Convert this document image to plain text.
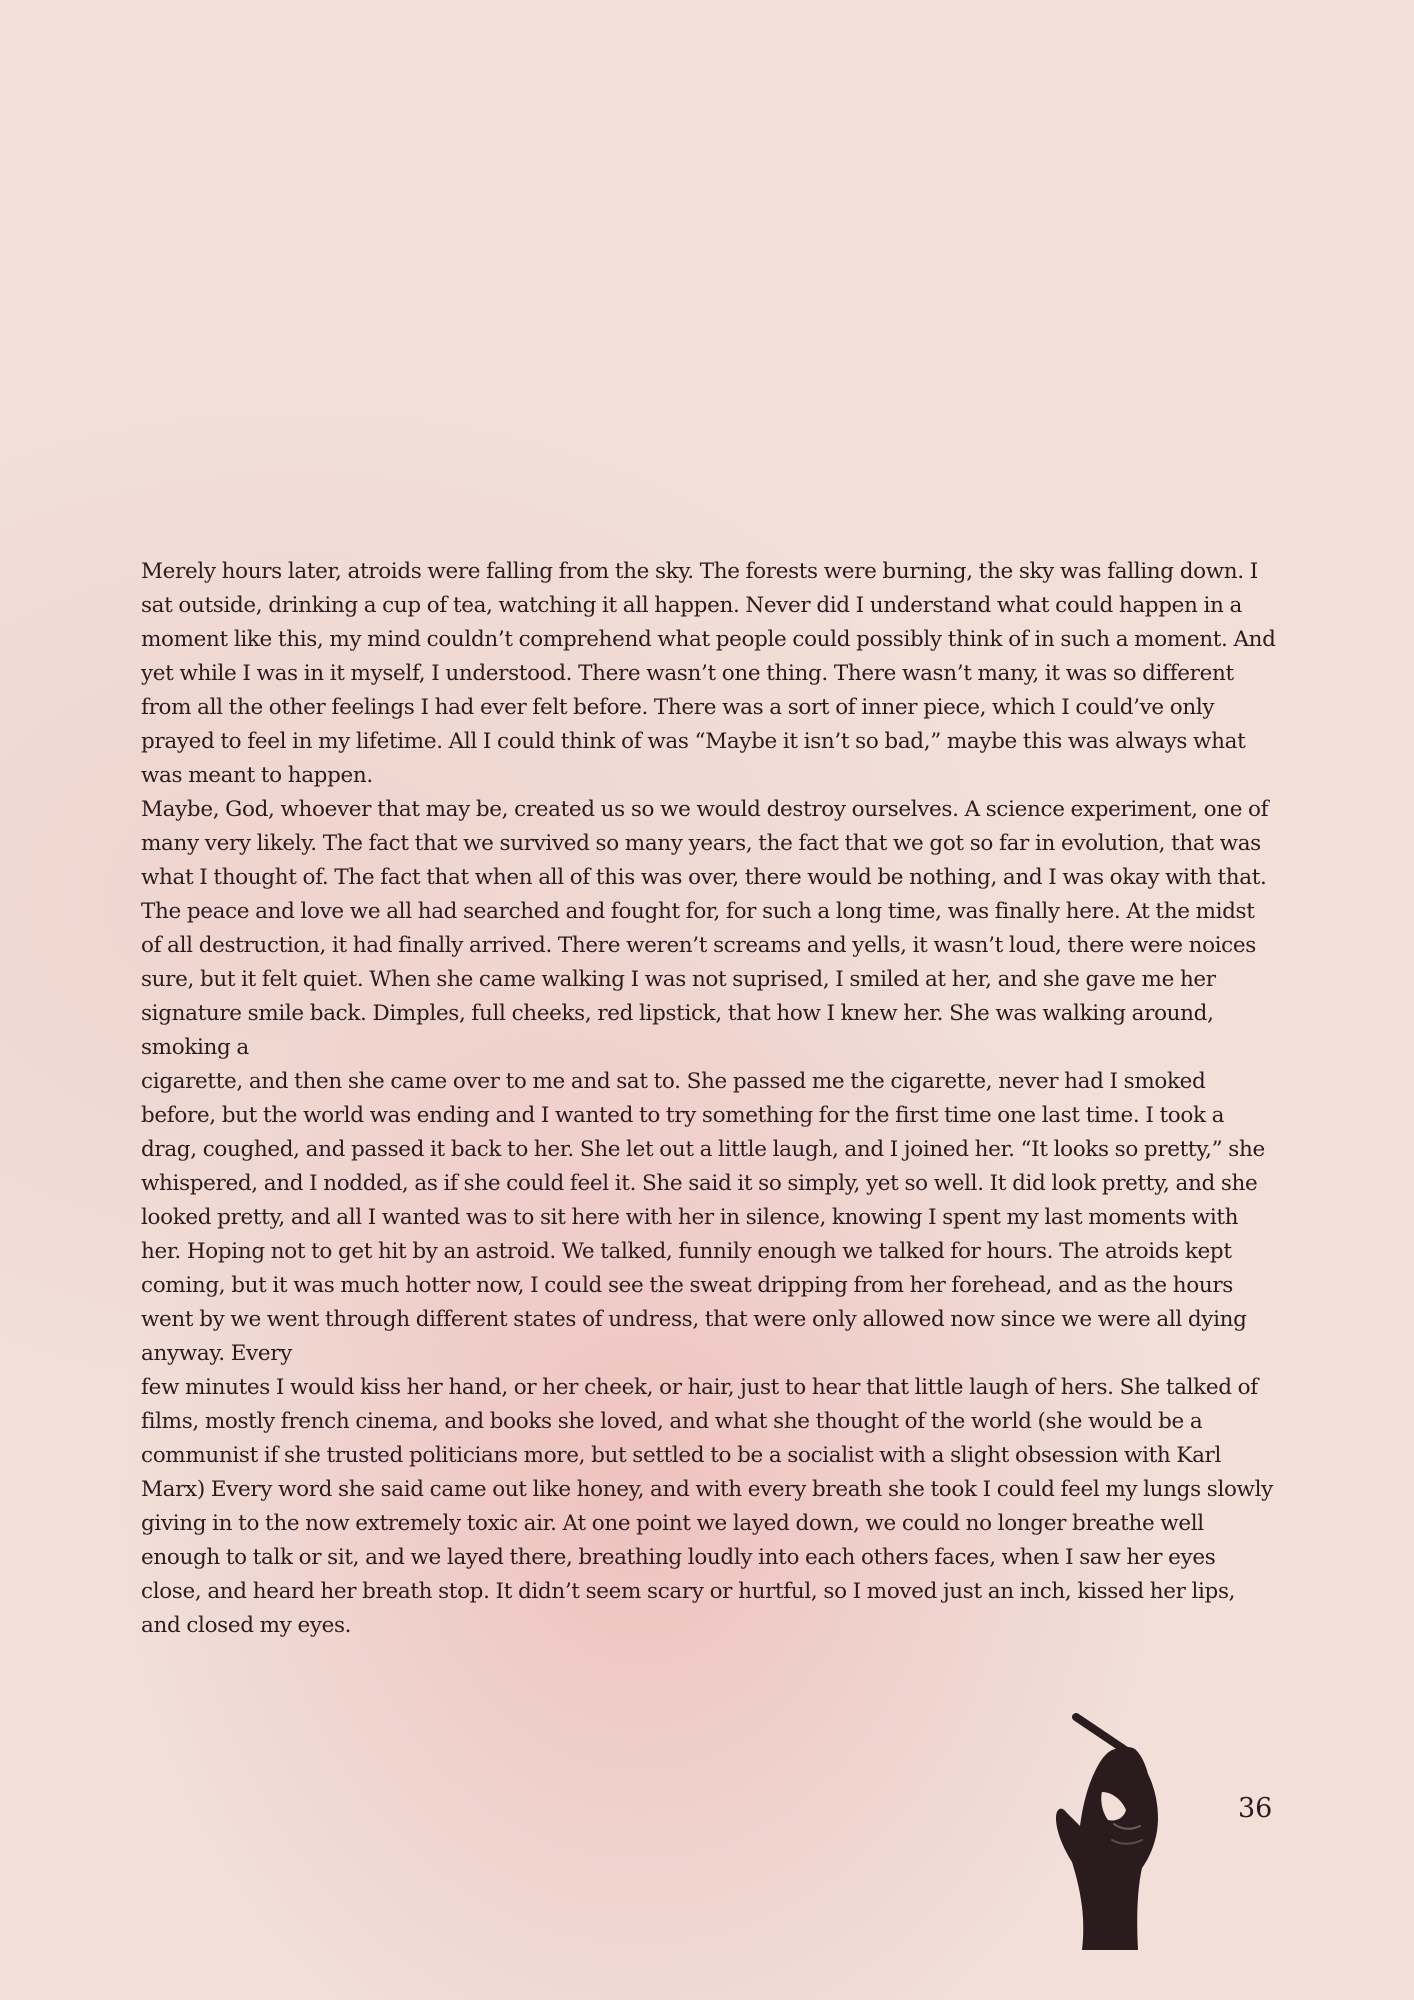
Merely hours later, atroids were falling from the sky. The forests were burning, the sky was falling down. I sat outside, drinking a cup of tea, watching it all happen. Never did I understand what could happen in a moment like this, my mind couldn’t comprehend what people could possibly think of in such a moment. And yet while I was in it myself, I understood. There wasn’t one thing. There wasn’t many, it was so different from all the other feelings I had ever felt before. There was a sort of inner piece, which I could’ve only prayed to feel in my lifetime. All I could think of was “Maybe it isn’t so bad,” maybe this was always what was meant to happen.

Maybe, God, whoever that may be, created us so we would destroy ourselves. A science experiment, one of many very likely. The fact that we survived so many years, the fact that we got so far in evolution, that was what I thought of. The fact that when all of this was over, there would be nothing, and I was okay with that. The peace and love we all had searched and fought for, for such a long time, was finally here. At the midst of all destruction, it had finally arrived. There weren’t screams and yells, it wasn’t loud, there were noices sure, but it felt quiet. When she came walking I was not suprised, I smiled at her, and she gave me her signature smile back. Dimples, full cheeks, red lipstick, that how I knew her. She was walking around, smoking a

cigarette, and then she came over to me and sat to. She passed me the cigarette, never had I smoked before, but the world was ending and I wanted to try something for the first time one last time. I took a drag, coughed, and passed it back to her. She let out a little laugh, and I joined her. “It looks so pretty,” she whispered, and I nodded, as if she could feel it. She said it so simply, yet so well. It did look pretty, and she looked pretty, and all I wanted was to sit here with her in silence, knowing I spent my last moments with her. Hoping not to get hit by an astroid. We talked, funnily enough we talked for hours. The atroids kept coming, but it was much hotter now, I could see the sweat dripping from her forehead, and as the hours went by we went through different states of undress, that were only allowed now since we were all dying anyway. Every

few minutes I would kiss her hand, or her cheek, or hair, just to hear that little laugh of hers. She talked of films, mostly french cinema, and books she loved, and what she thought of the world (she would be a communist if she trusted politicians more, but settled to be a socialist with a slight obsession with Karl Marx) Every word she said came out like honey, and with every breath she took I could feel my lungs slowly giving in to the now extremely toxic air. At one point we layed down, we could no longer breathe well enough to talk or sit, and we layed there, breathing loudly into each others faces, when I saw her eyes close, and heard her breath stop. It didn’t seem scary or hurtful, so I moved just an inch, kissed her lips, and closed my eyes.

36
